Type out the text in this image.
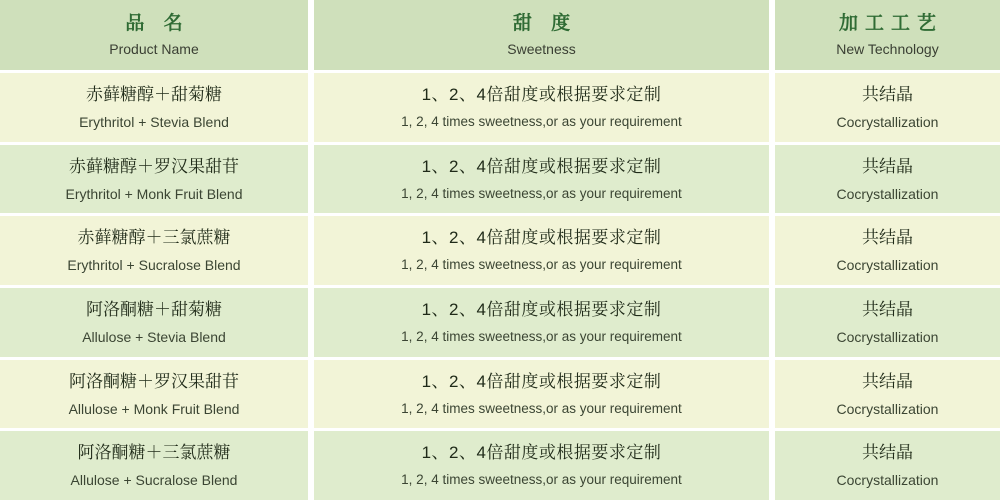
品 名
Product Name
甜 度
Sweetness
加工工艺
New Technology
赤藓糖醇＋甜菊糖
Erythritol + Stevia Blend
1、2、4倍甜度或根据要求定制
1, 2, 4 times sweetness,or as your requirement
共结晶
Cocrystallization
赤藓糖醇＋罗汉果甜苷
Erythritol + Monk Fruit Blend
1、2、4倍甜度或根据要求定制
1, 2, 4 times sweetness,or as your requirement
共结晶
Cocrystallization
赤藓糖醇＋三氯蔗糖
Erythritol + Sucralose Blend
1、2、4倍甜度或根据要求定制
1, 2, 4 times sweetness,or as your requirement
共结晶
Cocrystallization
阿洛酮糖＋甜菊糖
Allulose + Stevia Blend
1、2、4倍甜度或根据要求定制
1, 2, 4 times sweetness,or as your requirement
共结晶
Cocrystallization
阿洛酮糖＋罗汉果甜苷
Allulose + Monk Fruit Blend
1、2、4倍甜度或根据要求定制
1, 2, 4 times sweetness,or as your requirement
共结晶
Cocrystallization
阿洛酮糖＋三氯蔗糖
Allulose + Sucralose Blend
1、2、4倍甜度或根据要求定制
1, 2, 4 times sweetness,or as your requirement
共结晶
Cocrystallization
